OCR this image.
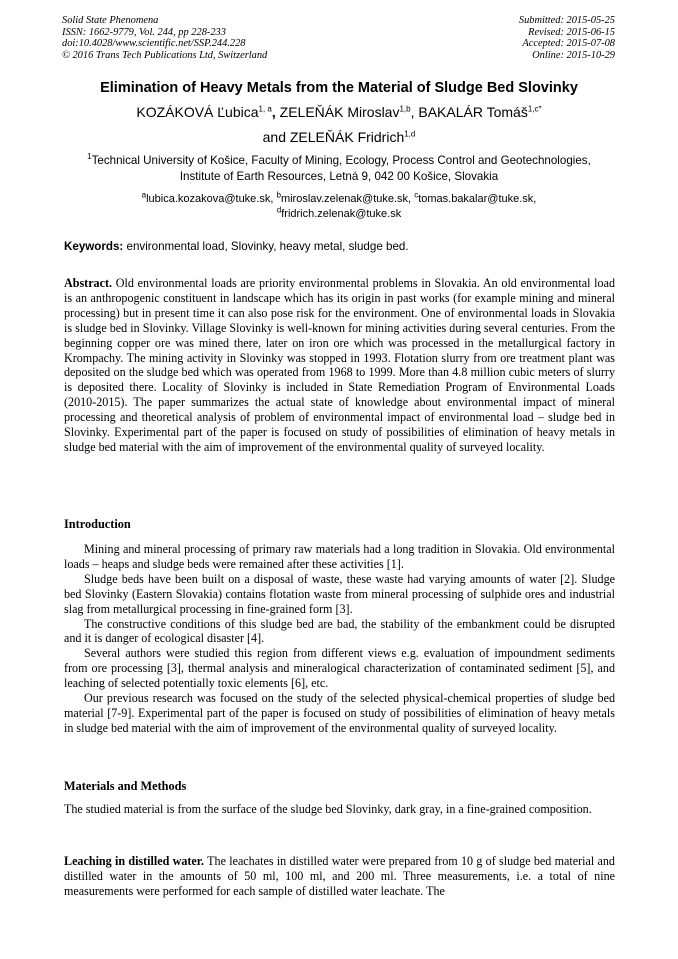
Solid State Phenomena
ISSN: 1662-9779, Vol. 244, pp 228-233
doi:10.4028/www.scientific.net/SSP.244.228
© 2016 Trans Tech Publications Ltd, Switzerland
Submitted: 2015-05-25
Revised: 2015-06-15
Accepted: 2015-07-08
Online: 2015-10-29
Elimination of Heavy Metals from the Material of Sludge Bed Slovinky
KOZÁKOVÁ Ľubica$^{1, a}$, ZELEŇÁK Miroslav$^{1,b}$, BAKALÁR Tomáš$^{1,c*}$
and ZELEŇÁK Fridrich$^{1,d}$
$^1$Technical University of Košice, Faculty of Mining, Ecology, Process Control and Geotechnologies,
Institute of Earth Resources, Letná 9, 042 00 Košice, Slovakia
$^a$lubica.kozakova@tuke.sk, $^b$miroslav.zelenak@tuke.sk, $^c$tomas.bakalar@tuke.sk,
$^d$fridrich.zelenak@tuke.sk
Keywords: environmental load, Slovinky, heavy metal, sludge bed.

Abstract. Old environmental loads are priority environmental problems in Slovakia. An old environmental load is an anthropogenic constituent in landscape which has its origin in past works (for example mining and mineral processing) but in present time it can also pose risk for the environment. One of environmental loads in Slovakia is sludge bed in Slovinky. Village Slovinky is well-known for mining activities during several centuries. From the beginning copper ore was mined there, later on iron ore which was processed in the metallurgical factory in Krompachy. The mining activity in Slovinky was stopped in 1993. Flotation slurry from ore treatment plant was deposited on the sludge bed which was operated from 1968 to 1999. More than 4.8 million cubic meters of slurry is deposited there. Locality of Slovinky is included in State Remediation Program of Environmental Loads (2010-2015). The paper summarizes the actual state of knowledge about environmental impact of mineral processing and theoretical analysis of problem of environmental impact of environmental load – sludge bed in Slovinky. Experimental part of the paper is focused on study of possibilities of elimination of heavy metals in sludge bed material with the aim of improvement of the environmental quality of surveyed locality.

Introduction

Mining and mineral processing of primary raw materials had a long tradition in Slovakia. Old environmental loads – heaps and sludge beds were remained after these activities [1].

Sludge beds have been built on a disposal of waste, these waste had varying amounts of water [2]. Sludge bed Slovinky (Eastern Slovakia) contains flotation waste from mineral processing of sulphide ores and industrial slag from metallurgical processing in fine-grained form [3].

The constructive conditions of this sludge bed are bad, the stability of the embankment could be disrupted and it is danger of ecological disaster [4].

Several authors were studied this region from different views e.g. evaluation of impoundment sediments from ore processing [3], thermal analysis and mineralogical characterization of contaminated sediment [5], and leaching of selected potentially toxic elements [6], etc.

Our previous research was focused on the study of the selected physical-chemical properties of sludge bed material [7-9]. Experimental part of the paper is focused on study of possibilities of elimination of heavy metals in sludge bed material with the aim of improvement of the environmental quality of surveyed locality.

Materials and Methods

The studied material is from the surface of the sludge bed Slovinky, dark gray, in a fine-grained composition.

Leaching in distilled water. The leachates in distilled water were prepared from 10 g of sludge bed material and distilled water in the amounts of 50 ml, 100 ml, and 200 ml. Three measurements, i.e. a total of nine measurements were performed for each sample of distilled water leachate. The
